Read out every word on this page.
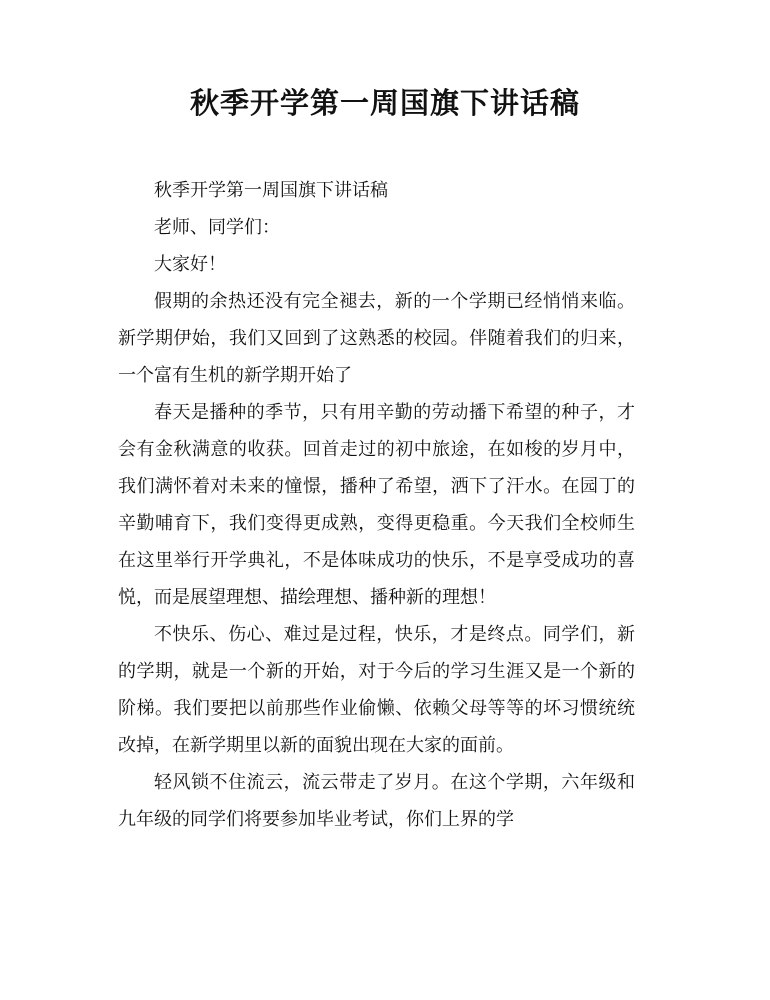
秋季开学第一周国旗下讲话稿

秋季开学第一周国旗下讲话稿

老师、同学们：

大家好！

假期的余热还没有完全褪去，新的一个学期已经悄悄来临。新学期伊始，我们又回到了这熟悉的校园。伴随着我们的归来，一个富有生机的新学期开始了

春天是播种的季节，只有用辛勤的劳动播下希望的种子，才会有金秋满意的收获。回首走过的初中旅途，在如梭的岁月中，我们满怀着对未来的憧憬，播种了希望，洒下了汗水。在园丁的辛勤哺育下，我们变得更成熟，变得更稳重。今天我们全校师生在这里举行开学典礼，不是体味成功的快乐，不是享受成功的喜悦，而是展望理想、描绘理想、播种新的理想！

不快乐、伤心、难过是过程，快乐，才是终点。同学们，新的学期，就是一个新的开始，对于今后的学习生涯又是一个新的阶梯。我们要把以前那些作业偷懒、依赖父母等等的坏习惯统统改掉，在新学期里以新的面貌出现在大家的面前。

轻风锁不住流云，流云带走了岁月。在这个学期，六年级和九年级的同学们将要参加毕业考试，你们上界的学
